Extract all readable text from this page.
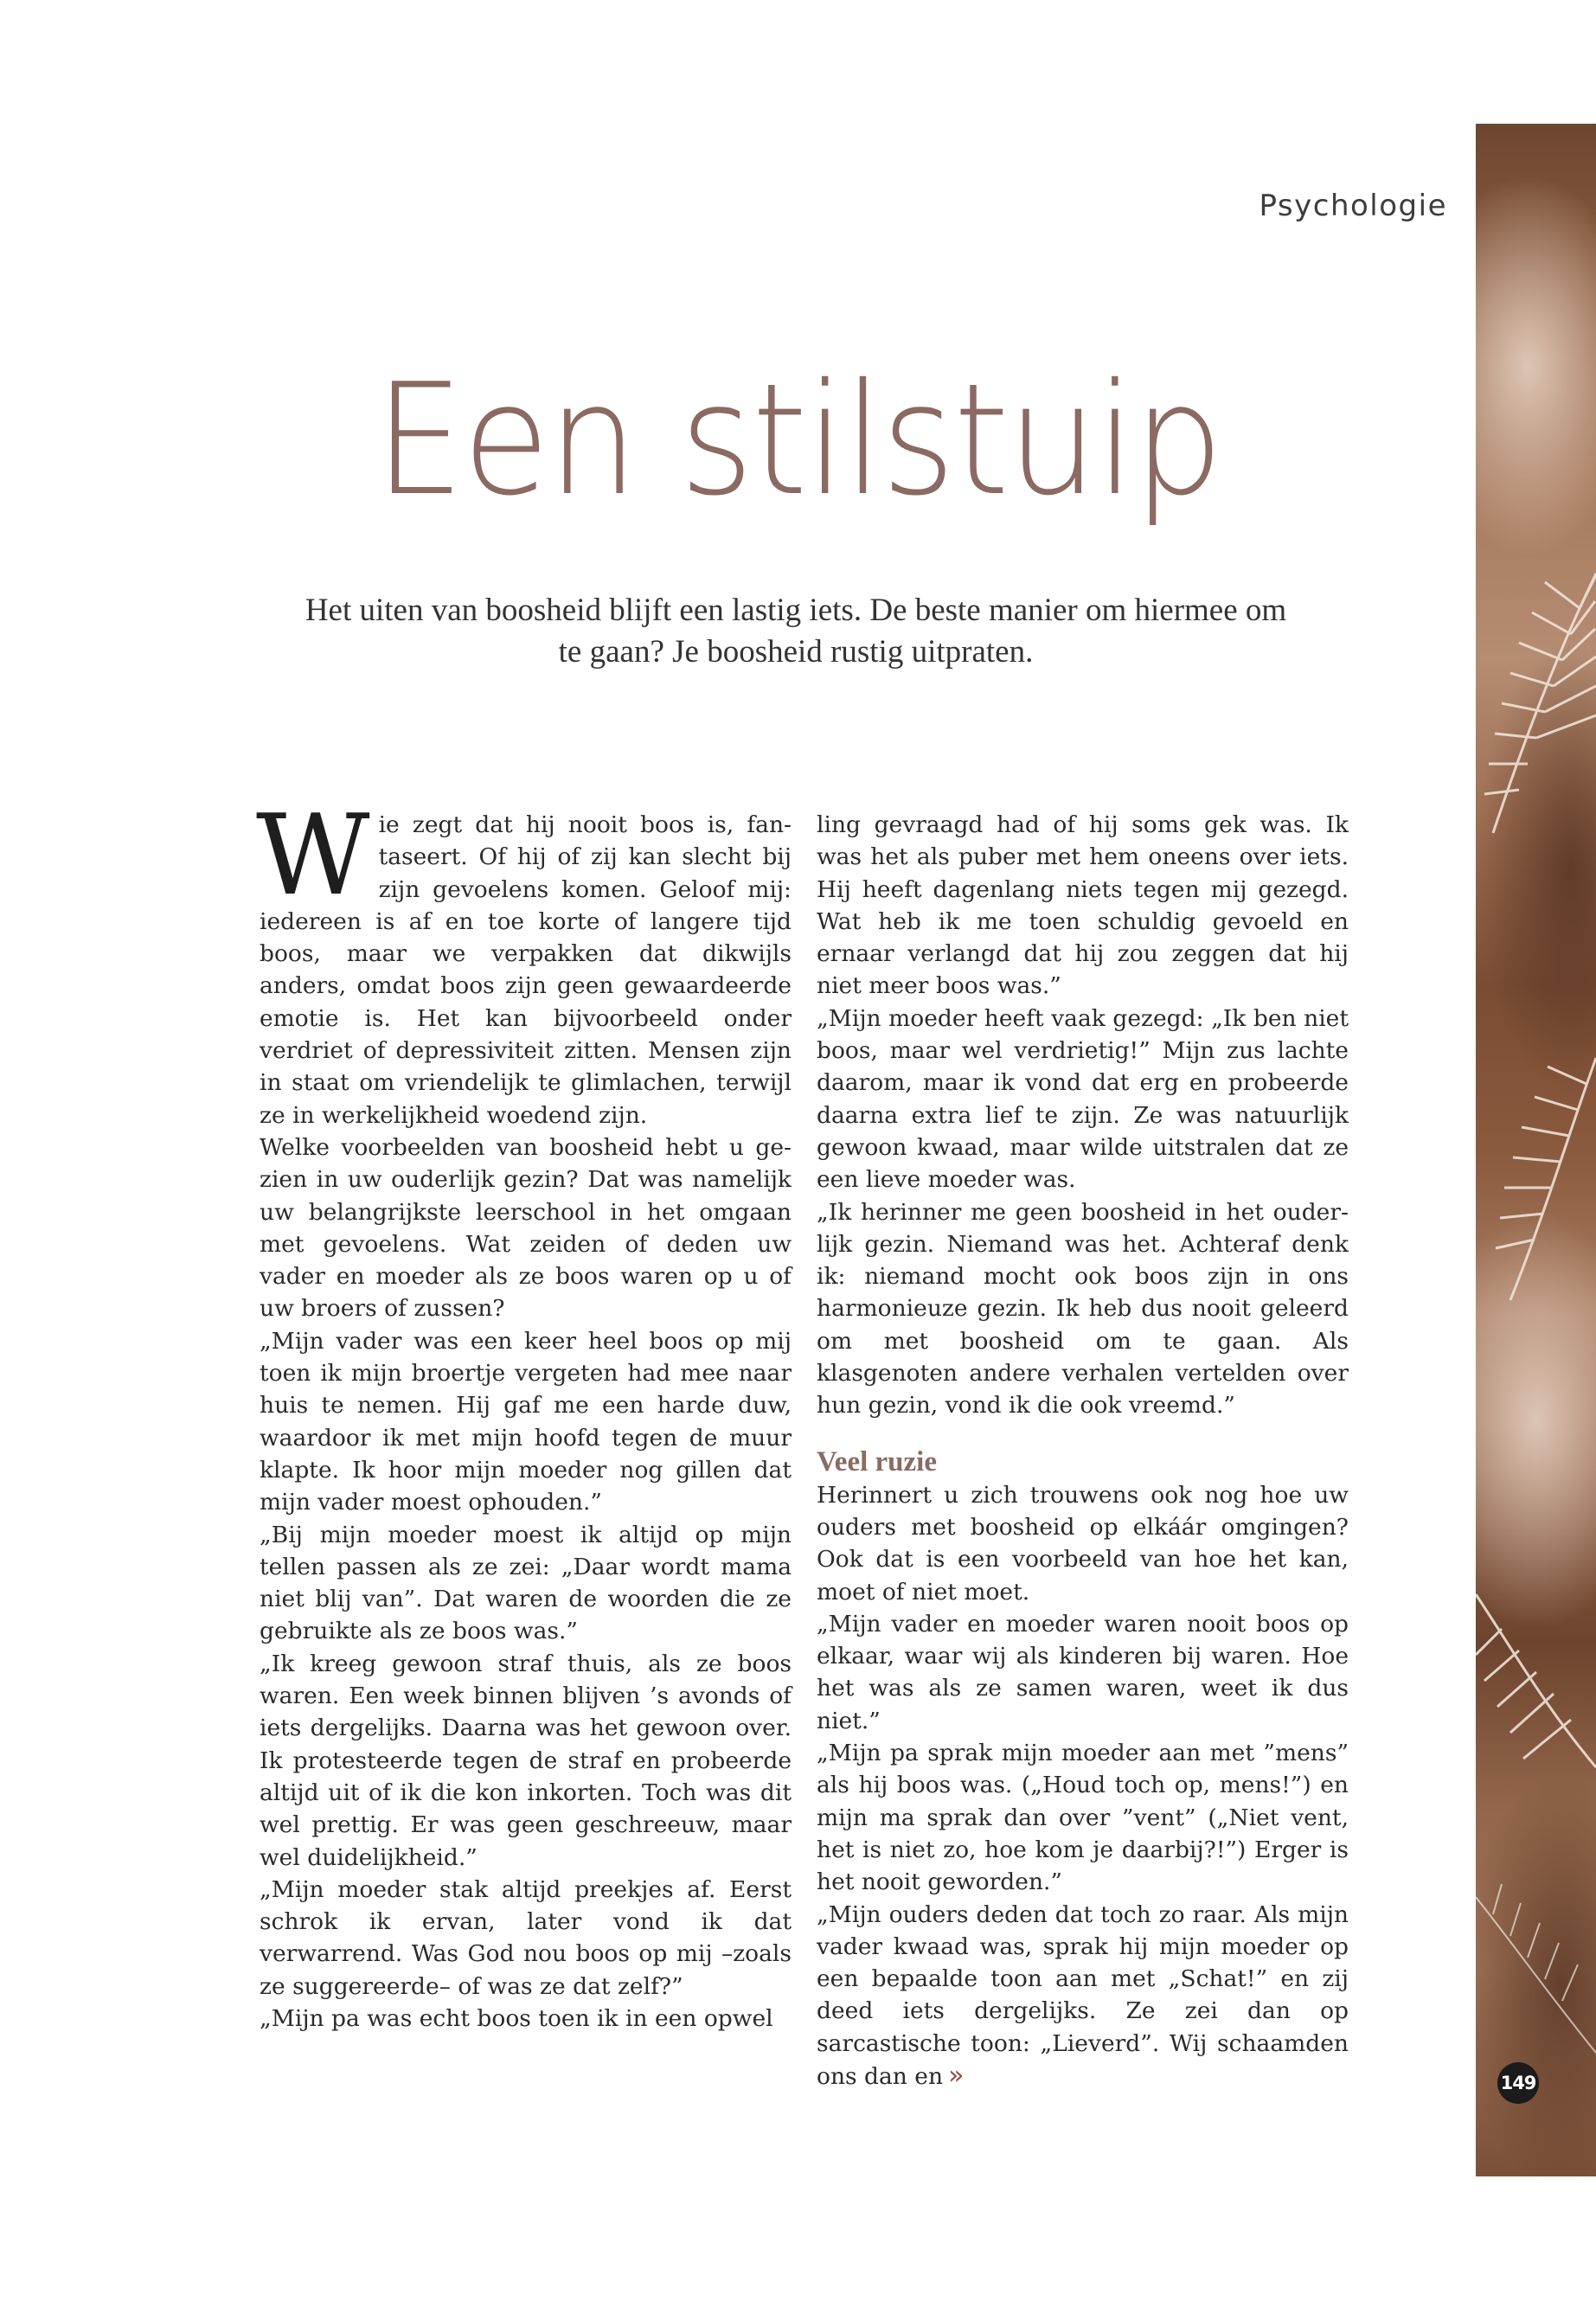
Psychologie
Een stilstuip

Het uiten van boosheid blijft een lastig iets. De beste manier om hiermee om te gaan? Je boosheid rustig uitpraten.

Wie zegt dat hij nooit boos is, fantaseert. Of hij of zij kan slecht bij zijn gevoelens komen. Geloof mij: iedereen is af en toe korte of langere tijd boos, maar we verpakken dat dikwijls anders, omdat boos zijn geen gewaardeerde emotie is. Het kan bijvoorbeeld onder verdriet of depressiviteit zitten. Mensen zijn in staat om vriendelijk te glimlachen, terwijl ze in werkelijkheid woedend zijn.

Welke voorbeelden van boosheid hebt u gezien in uw ouderlijk gezin? Dat was namelijk uw belangrijkste leerschool in het omgaan met gevoelens. Wat zeiden of deden uw vader en moeder als ze boos waren op u of uw broers of zussen?

„Mijn vader was een keer heel boos op mij toen ik mijn broertje vergeten had mee naar huis te nemen. Hij gaf me een harde duw, waardoor ik met mijn hoofd tegen de muur klapte. Ik hoor mijn moeder nog gillen dat mijn vader moest ophouden.”

„Bij mijn moeder moest ik altijd op mijn tellen passen als ze zei: „Daar wordt mama niet blij van”. Dat waren de woorden die ze gebruikte als ze boos was.”

„Ik kreeg gewoon straf thuis, als ze boos waren. Een week binnen blijven ’s avonds of iets dergelijks. Daarna was het gewoon over. Ik protesteerde tegen de straf en probeerde altijd uit of ik die kon inkorten. Toch was dit wel prettig. Er was geen geschreeuw, maar wel duidelijkheid.”

„Mijn moeder stak altijd preekjes af. Eerst schrok ik ervan, later vond ik dat verwarrend. Was God nou boos op mij –zoals ze suggereerde– of was ze dat zelf?”

„Mijn pa was echt boos toen ik in een opwel

ling gevraagd had of hij soms gek was. Ik was het als puber met hem oneens over iets. Hij heeft dagenlang niets tegen mij gezegd. Wat heb ik me toen schuldig gevoeld en ernaar verlangd dat hij zou zeggen dat hij niet meer boos was.”

„Mijn moeder heeft vaak gezegd: „Ik ben niet boos, maar wel verdrietig!” Mijn zus lachte daarom, maar ik vond dat erg en probeerde daarna extra lief te zijn. Ze was natuurlijk gewoon kwaad, maar wilde uitstralen dat ze een lieve moeder was.

„Ik herinner me geen boosheid in het ouderlijk gezin. Niemand was het. Achteraf denk ik: niemand mocht ook boos zijn in ons harmonieuze gezin. Ik heb dus nooit geleerd om met boosheid om te gaan. Als klasgenoten andere verhalen vertelden over hun gezin, vond ik die ook vreemd.”

Veel ruzie

Herinnert u zich trouwens ook nog hoe uw ouders met boosheid op elkáár omgingen? Ook dat is een voorbeeld van hoe het kan, moet of niet moet.

„Mijn vader en moeder waren nooit boos op elkaar, waar wij als kinderen bij waren. Hoe het was als ze samen waren, weet ik dus niet.”

„Mijn pa sprak mijn moeder aan met ”mens” als hij boos was. („Houd toch op, mens!”) en mijn ma sprak dan over ”vent” („Niet vent, het is niet zo, hoe kom je daarbij?!”) Erger is het nooit geworden.”

„Mijn ouders deden dat toch zo raar. Als mijn vader kwaad was, sprak hij mijn moeder op een bepaalde toon aan met „Schat!” en zij deed iets dergelijks. Ze zei dan op sarcastische toon: „Lieverd”. Wij schaamden ons dan en »	149
